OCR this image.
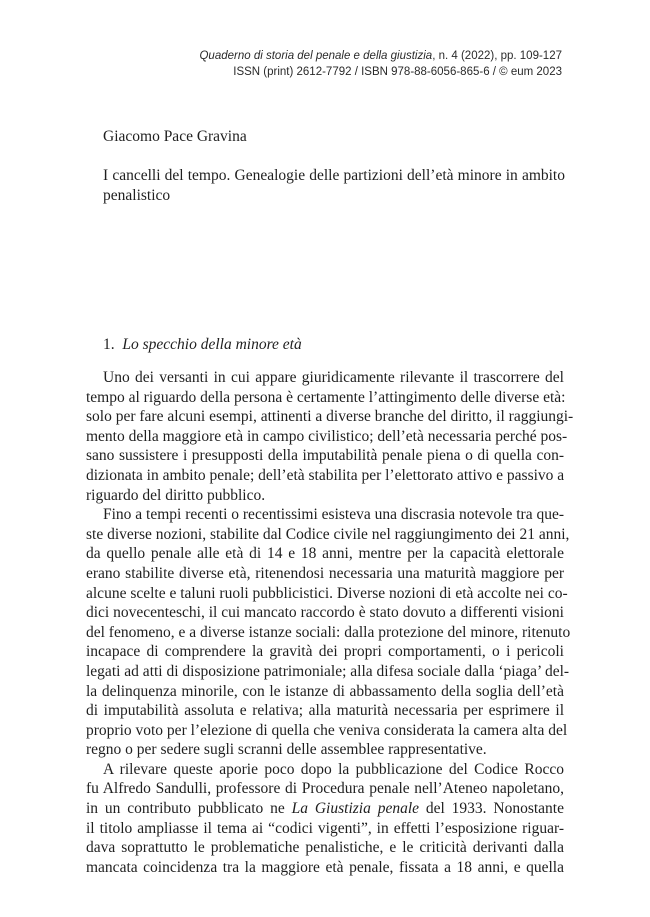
Quaderno di storia del penale e della giustizia, n. 4 (2022), pp. 109-127
ISSN (print) 2612-7792 / ISBN 978-88-6056-865-6 / © eum 2023
Giacomo Pace Gravina
I cancelli del tempo. Genealogie delle partizioni dell’età minore in ambito
penalistico
1. Lo specchio della minore età
Uno dei versanti in cui appare giuridicamente rilevante il trascorrere del
tempo al riguardo della persona è certamente l’attingimento delle diverse età:
solo per fare alcuni esempi, attinenti a diverse branche del diritto, il raggiungi-
mento della maggiore età in campo civilistico; dell’età necessaria perché pos-
sano sussistere i presupposti della imputabilità penale piena o di quella con-
dizionata in ambito penale; dell’età stabilita per l’elettorato attivo e passivo a
riguardo del diritto pubblico.
Fino a tempi recenti o recentissimi esisteva una discrasia notevole tra que-
ste diverse nozioni, stabilite dal Codice civile nel raggiungimento dei 21 anni,
da quello penale alle età di 14 e 18 anni, mentre per la capacità elettorale
erano stabilite diverse età, ritenendosi necessaria una maturità maggiore per
alcune scelte e taluni ruoli pubblicistici. Diverse nozioni di età accolte nei co-
dici novecenteschi, il cui mancato raccordo è stato dovuto a differenti visioni
del fenomeno, e a diverse istanze sociali: dalla protezione del minore, ritenuto
incapace di comprendere la gravità dei propri comportamenti, o i pericoli
legati ad atti di disposizione patrimoniale; alla difesa sociale dalla ‘piaga’ del-
la delinquenza minorile, con le istanze di abbassamento della soglia dell’età
di imputabilità assoluta e relativa; alla maturità necessaria per esprimere il
proprio voto per l’elezione di quella che veniva considerata la camera alta del
regno o per sedere sugli scranni delle assemblee rappresentative.
A rilevare queste aporie poco dopo la pubblicazione del Codice Rocco
fu Alfredo Sandulli, professore di Procedura penale nell’Ateneo napoletano,
in un contributo pubblicato ne La Giustizia penale del 1933. Nonostante
il titolo ampliasse il tema ai “codici vigenti”, in effetti l’esposizione riguar-
dava soprattutto le problematiche penalistiche, e le criticità derivanti dalla
mancata coincidenza tra la maggiore età penale, fissata a 18 anni, e quella
